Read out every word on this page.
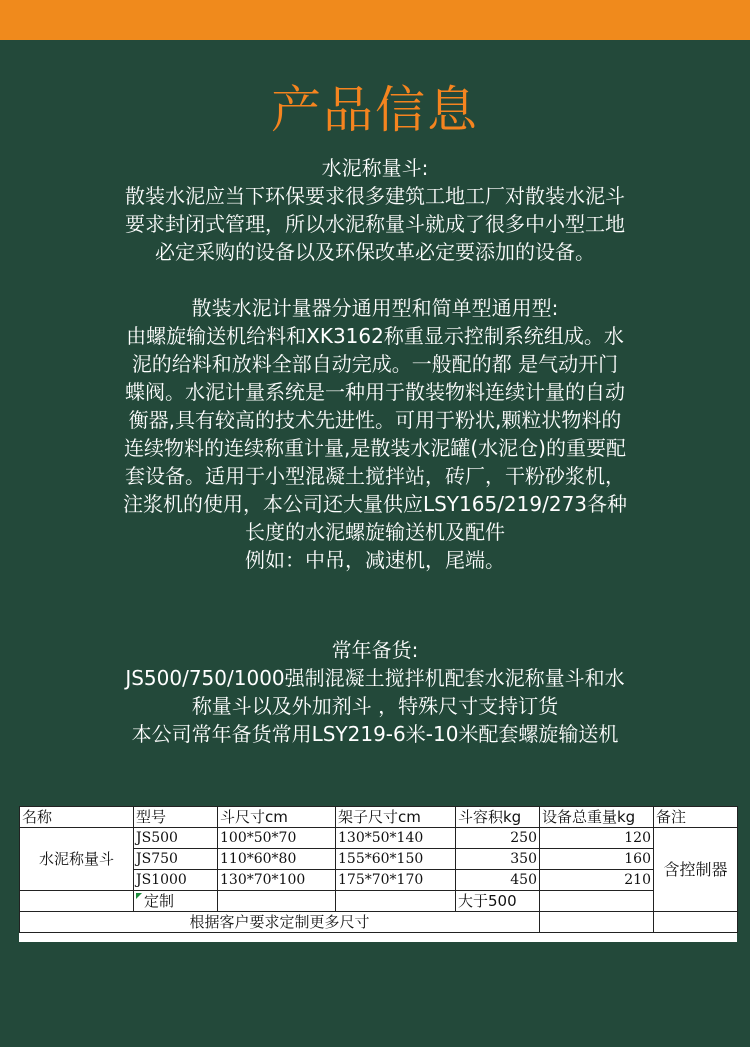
产品信息

水泥称量斗:

散装水泥应当下环保要求很多建筑工地工厂对散装水泥斗

要求封闭式管理，所以水泥称量斗就成了很多中小型工地

必定采购的设备以及环保改革必定要添加的设备。

散装水泥计量器分通用型和简单型通用型:

由螺旋输送机给料和XK3162称重显示控制系统组成。水

泥的给料和放料全部自动完成。一般配的都 是气动开门

蝶阀。水泥计量系统是一种用于散装物料连续计量的自动

衡器,具有较高的技术先进性。可用于粉状,颗粒状物料的

连续物料的连续称重计量,是散装水泥罐(水泥仓)的重要配

套设备。适用于小型混凝土搅拌站，砖厂，干粉砂浆机，

注浆机的使用，本公司还大量供应LSY165/219/273各种

长度的水泥螺旋输送机及配件

例如：中吊，减速机，尾端。

常年备货:

JS500/750/1000强制混凝土搅拌机配套水泥称量斗和水

称量斗以及外加剂斗 ，特殊尺寸支持订货

本公司常年备货常用LSY219-6米-10米配套螺旋输送机

名称	型号	斗尺寸cm	架子尺寸cm	斗容积kg	设备总重量kg	备注
水泥称量斗	JS500	100*50*70	130*50*140	250	120	含控制器
	JS750	110*60*80	155*60*150	350	160	
	JS1000	130*70*100	175*70*170	450	210	
	定制			大于500		
根据客户要求定制更多尺寸						
